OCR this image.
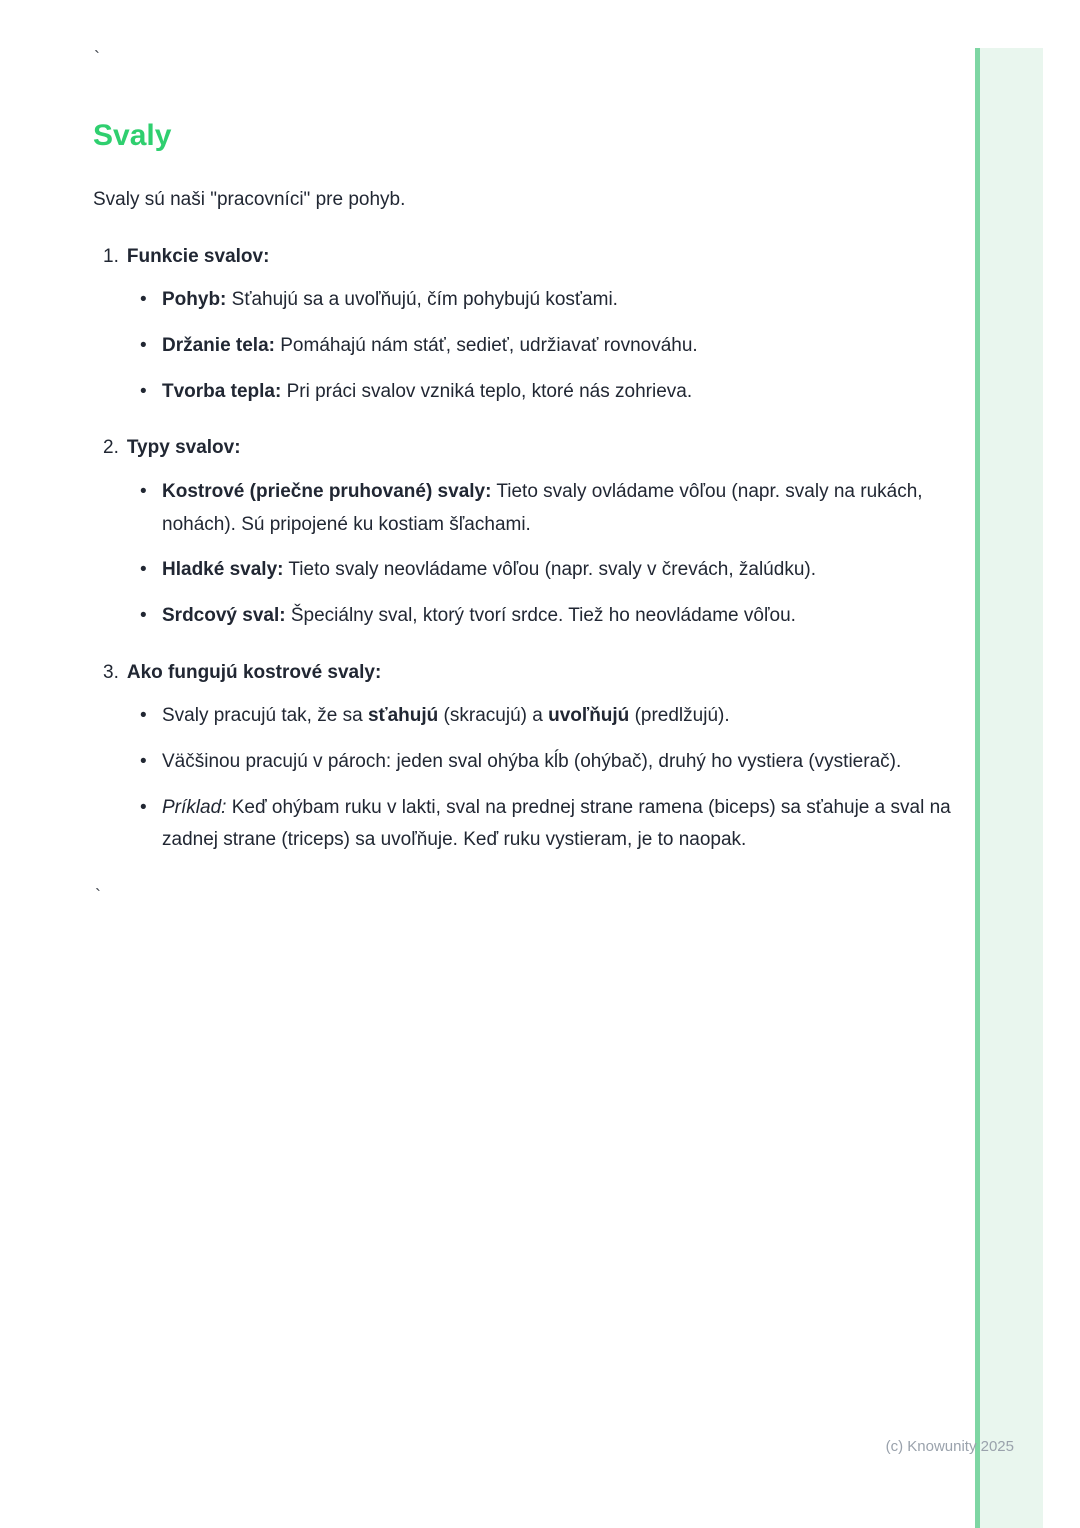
`
Svaly

Svaly sú naši "pracovníci" pre pohyb.

1. Funkcie svalov:
• Pohyb: Sťahujú sa a uvoľňujú, čím pohybujú kosťami.
• Držanie tela: Pomáhajú nám stáť, sedieť, udržiavať rovnováhu.
• Tvorba tepla: Pri práci svalov vzniká teplo, ktoré nás zohrieva.
2. Typy svalov:
• Kostrové (priečne pruhované) svaly: Tieto svaly ovládame vôľou (napr. svaly na rukách, nohách). Sú pripojené ku kostiam šľachami.
• Hladké svaly: Tieto svaly neovládame vôľou (napr. svaly v črevách, žalúdku).
• Srdcový sval: Špeciálny sval, ktorý tvorí srdce. Tiež ho neovládame vôľou.
3. Ako fungujú kostrové svaly:
• Svaly pracujú tak, že sa sťahujú (skracujú) a uvoľňujú (predlžujú).
• Väčšinou pracujú v pároch: jeden sval ohýba kĺb (ohýbač), druhý ho vystiera (vystierač).
• Príklad: Keď ohýbam ruku v lakti, sval na prednej strane ramena (biceps) sa sťahuje a sval na zadnej strane (triceps) sa uvoľňuje. Keď ruku vystieram, je to naopak.
`
(c) Knowunity 2025
